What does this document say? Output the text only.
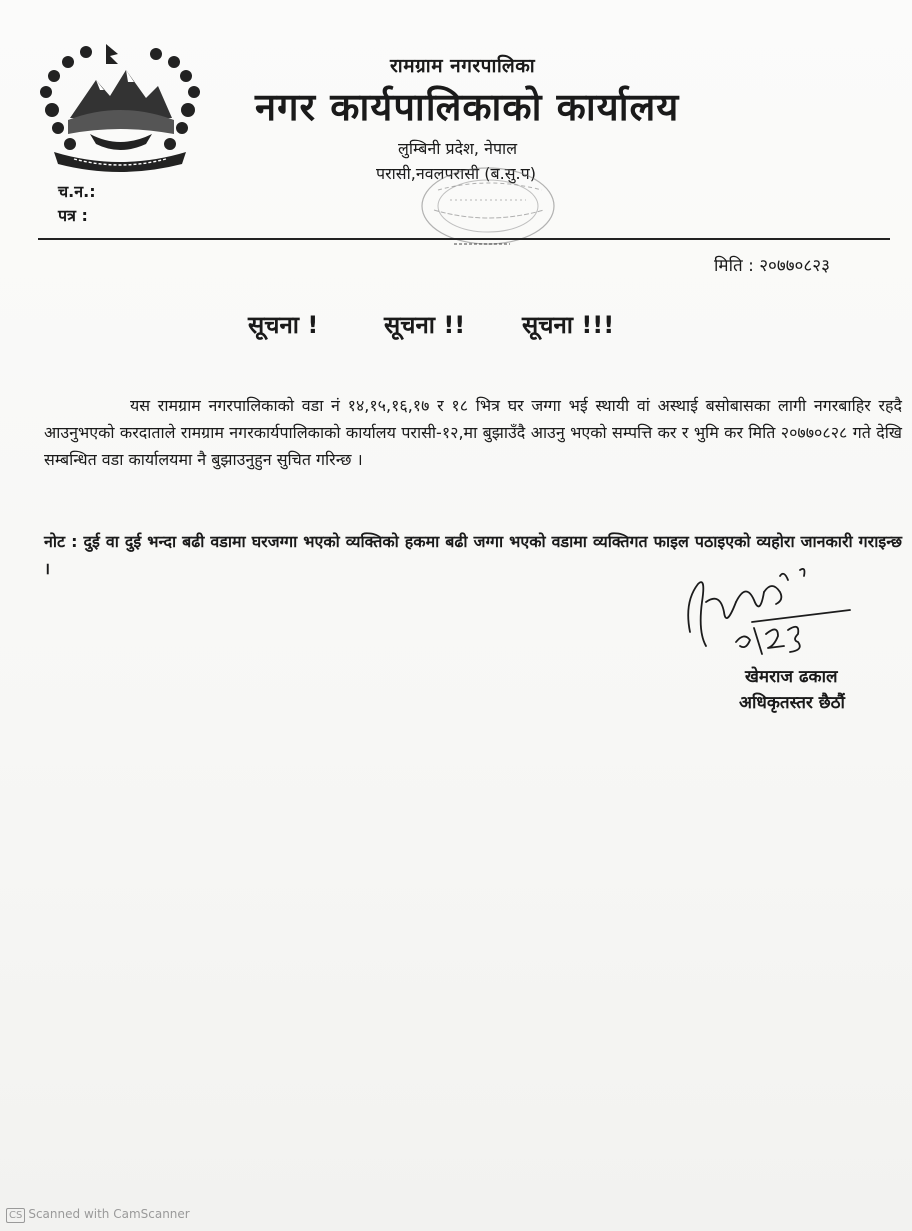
रामग्राम नगरपालिका
नगर कार्यपालिकाको कार्यालय
लुम्बिनी प्रदेश, नेपाल
परासी,नवलपरासी (ब.सु.प)
च.न.:
पत्र :
मिति : २०७७०८२३
सूचना !	सूचना !! सूचना !!!
यस रामग्राम नगरपालिकाको वडा नं १४,१५,१६,१७ र १८ भित्र घर जग्गा भई स्थायी वां अस्थाई बसोबासका लागी नगरबाहिर रहदै आउनुभएको करदाताले रामग्राम नगरकार्यपालिकाको कार्यालय परासी-१२,मा बुझाउँदै आउनु भएको सम्पत्ति कर र भुमि कर मिति २०७७०८२८ गते देखि सम्बन्धित वडा कार्यालयमा नै बुझाउनुहुन सुचित गरिन्छ ।
नोट : दुई वा दुई भन्दा बढी वडामा घरजग्गा भएको व्यक्तिको हकमा बढी जग्गा भएको वडामा व्यक्तिगत फाइल पठाइएको व्यहोरा जानकारी गराइन्छ ।
खेमराज ढकाल
अधिकृतस्तर छैठौं
CS Scanned with CamScanner
